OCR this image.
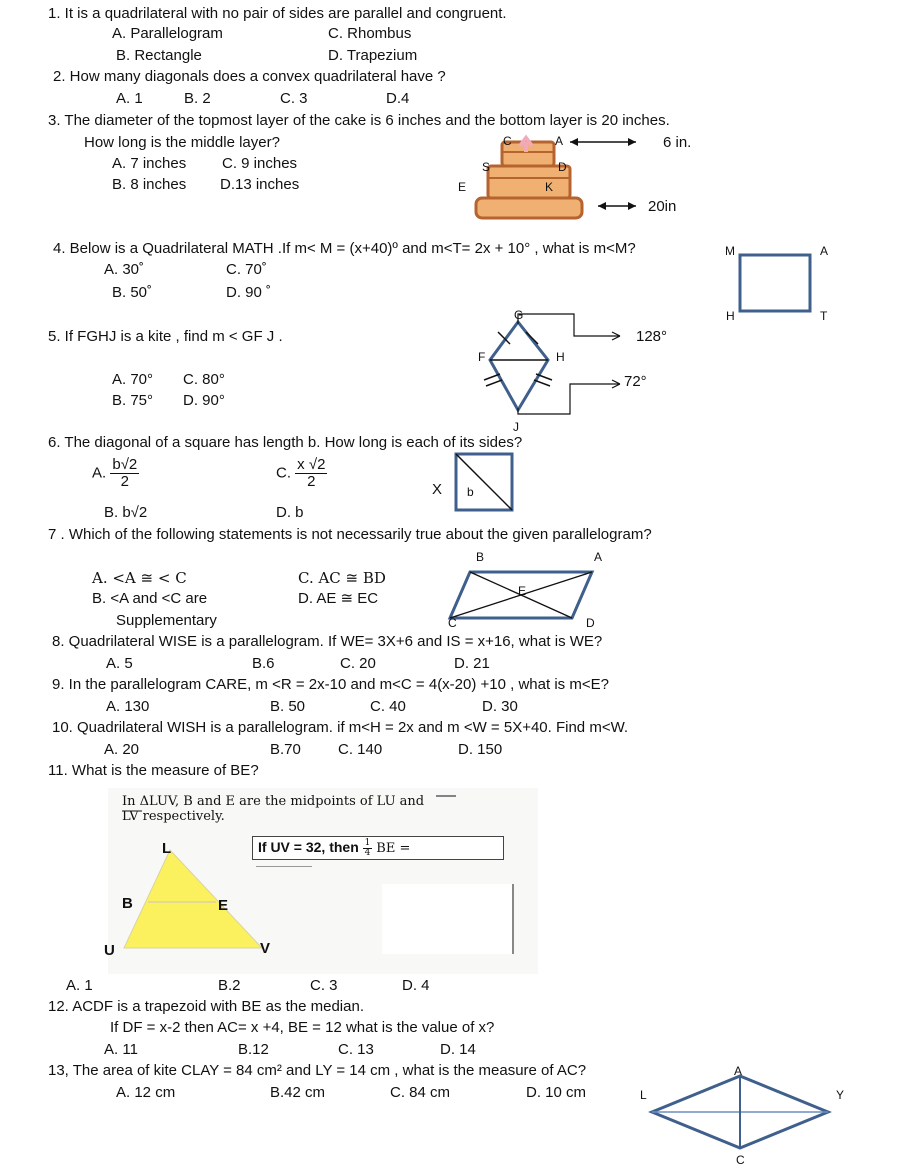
1. It is a quadrilateral with no pair of sides are parallel and congruent.
A. Parallelogram	C. Rhombus
B. Rectangle	D. Trapezium
2. How many diagonals does a convex quadrilateral have ?
A. 1	B. 2	C. 3	D.4
3. The diameter of the topmost layer of the cake is 6 inches and the bottom layer is 20 inches.
How long is the middle layer?
A. 7 inches C. 9 inches
B. 8 inches D.13 inches
C	A	6 in.
S	D
E	K
20in
4. Below is a Quadrilateral MATH .If m< M = (x+40)º and m<T= 2x + 10° , what is m<M?
A. 30˚	C. 70˚
B. 50˚	D. 90 ˚
M	A
H	T
5. If FGHJ is a kite , find m < GF J .
A. 70° C. 80°
B. 75° D. 90°
G
F	H
J
128°
72°
6. The diagonal of a square has length b. How long is each of its sides?
A. $\frac{b√2}{2}$	C. $\frac{x √2}{2}$
B. b√2	D. b
X b
7 . Which of the following statements is not necessarily true about the given parallelogram?
A. <A ≅ < C	C. AC ≅ BD
B. <A and <C are	D. AE ≅ EC
Supplementary
B	A
E
C	D
8. Quadrilateral WISE is a parallelogram. If WE= 3X+6 and IS = x+16, what is WE?
A. 5	B.6	C. 20	D. 21
9. In the parallelogram CARE, m <R = 2x-10 and m<C = 4(x-20) +10 , what is m<E?
A. 130	B. 50	C. 40	D. 30
10. Quadrilateral WISH is a parallelogram. if m<H = 2x and m <W = 5X+40. Find m<W.
A. 20	B.70 C. 140	D. 150
11. What is the measure of BE?
In ΔLUV, B and E are the midpoints of LU and
LV respectively.
If UV = 32, then $\frac{1}{4}$ BE =
L
B	E
U	V
A. 1	B.2	C. 3	D. 4
12. ACDF is a trapezoid with BE as the median.
If DF = x-2 then AC= x +4, BE = 12 what is the value of x?
A. 11	B.12	C. 13	D. 14
13, The area of kite CLAY = 84 cm² and LY = 14 cm , what is the measure of AC?
A. 12 cm	B.42 cm	C. 84 cm	D. 10 cm
A
L	Y
C
